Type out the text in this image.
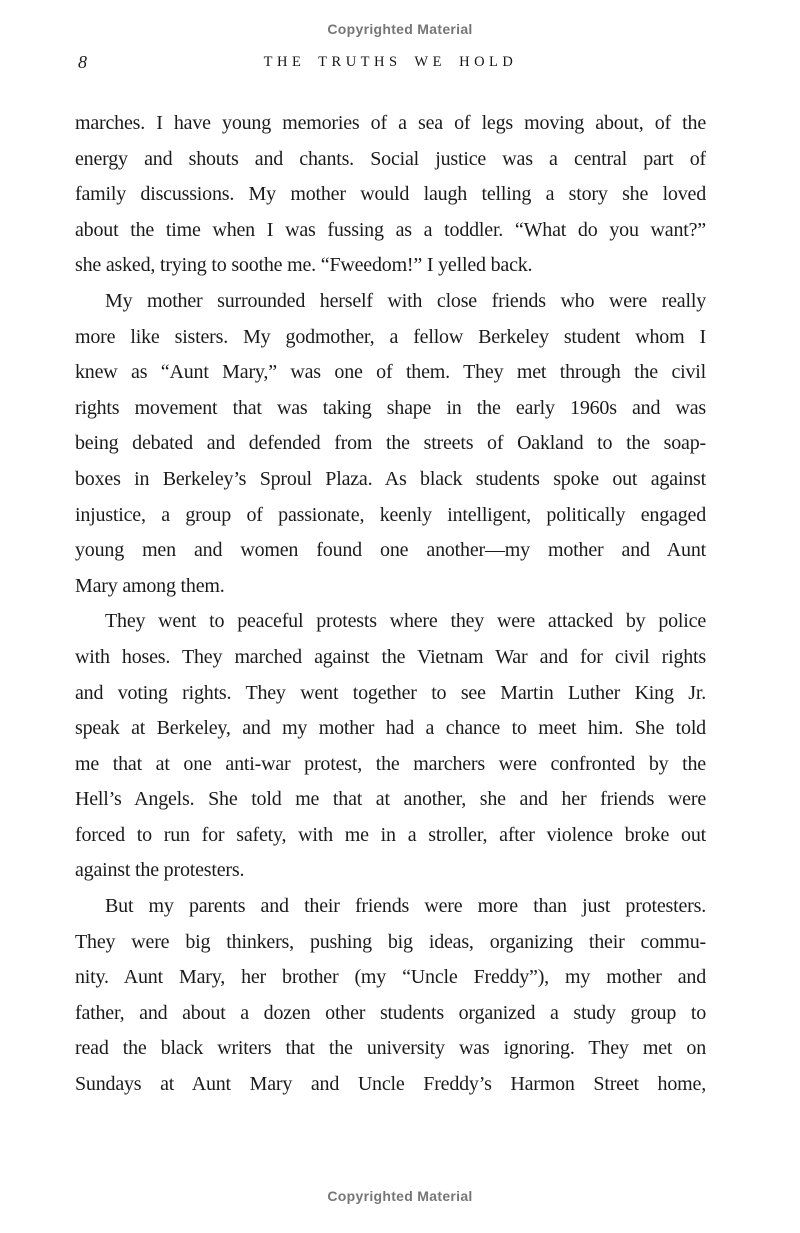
Copyrighted Material
8	THE TRUTHS WE HOLD
marches. I have young memories of a sea of legs moving about, of the
energy and shouts and chants. Social justice was a central part of
family discussions. My mother would laugh telling a story she loved
about the time when I was fussing as a toddler. “What do you want?”
she asked, trying to soothe me. “Fweedom!” I yelled back.
My mother surrounded herself with close friends who were really
more like sisters. My godmother, a fellow Berkeley student whom I
knew as “Aunt Mary,” was one of them. They met through the civil
rights movement that was taking shape in the early 1960s and was
being debated and defended from the streets of Oakland to the soap-
boxes in Berkeley’s Sproul Plaza. As black students spoke out against
injustice, a group of passionate, keenly intelligent, politically engaged
young men and women found one another—my mother and Aunt
Mary among them.
They went to peaceful protests where they were attacked by police
with hoses. They marched against the Vietnam War and for civil rights
and voting rights. They went together to see Martin Luther King Jr.
speak at Berkeley, and my mother had a chance to meet him. She told
me that at one anti-war protest, the marchers were confronted by the
Hell’s Angels. She told me that at another, she and her friends were
forced to run for safety, with me in a stroller, after violence broke out
against the protesters.
But my parents and their friends were more than just protesters.
They were big thinkers, pushing big ideas, organizing their commu-
nity. Aunt Mary, her brother (my “Uncle Freddy”), my mother and
father, and about a dozen other students organized a study group to
read the black writers that the university was ignoring. They met on
Sundays at Aunt Mary and Uncle Freddy’s Harmon Street home,
Copyrighted Material
